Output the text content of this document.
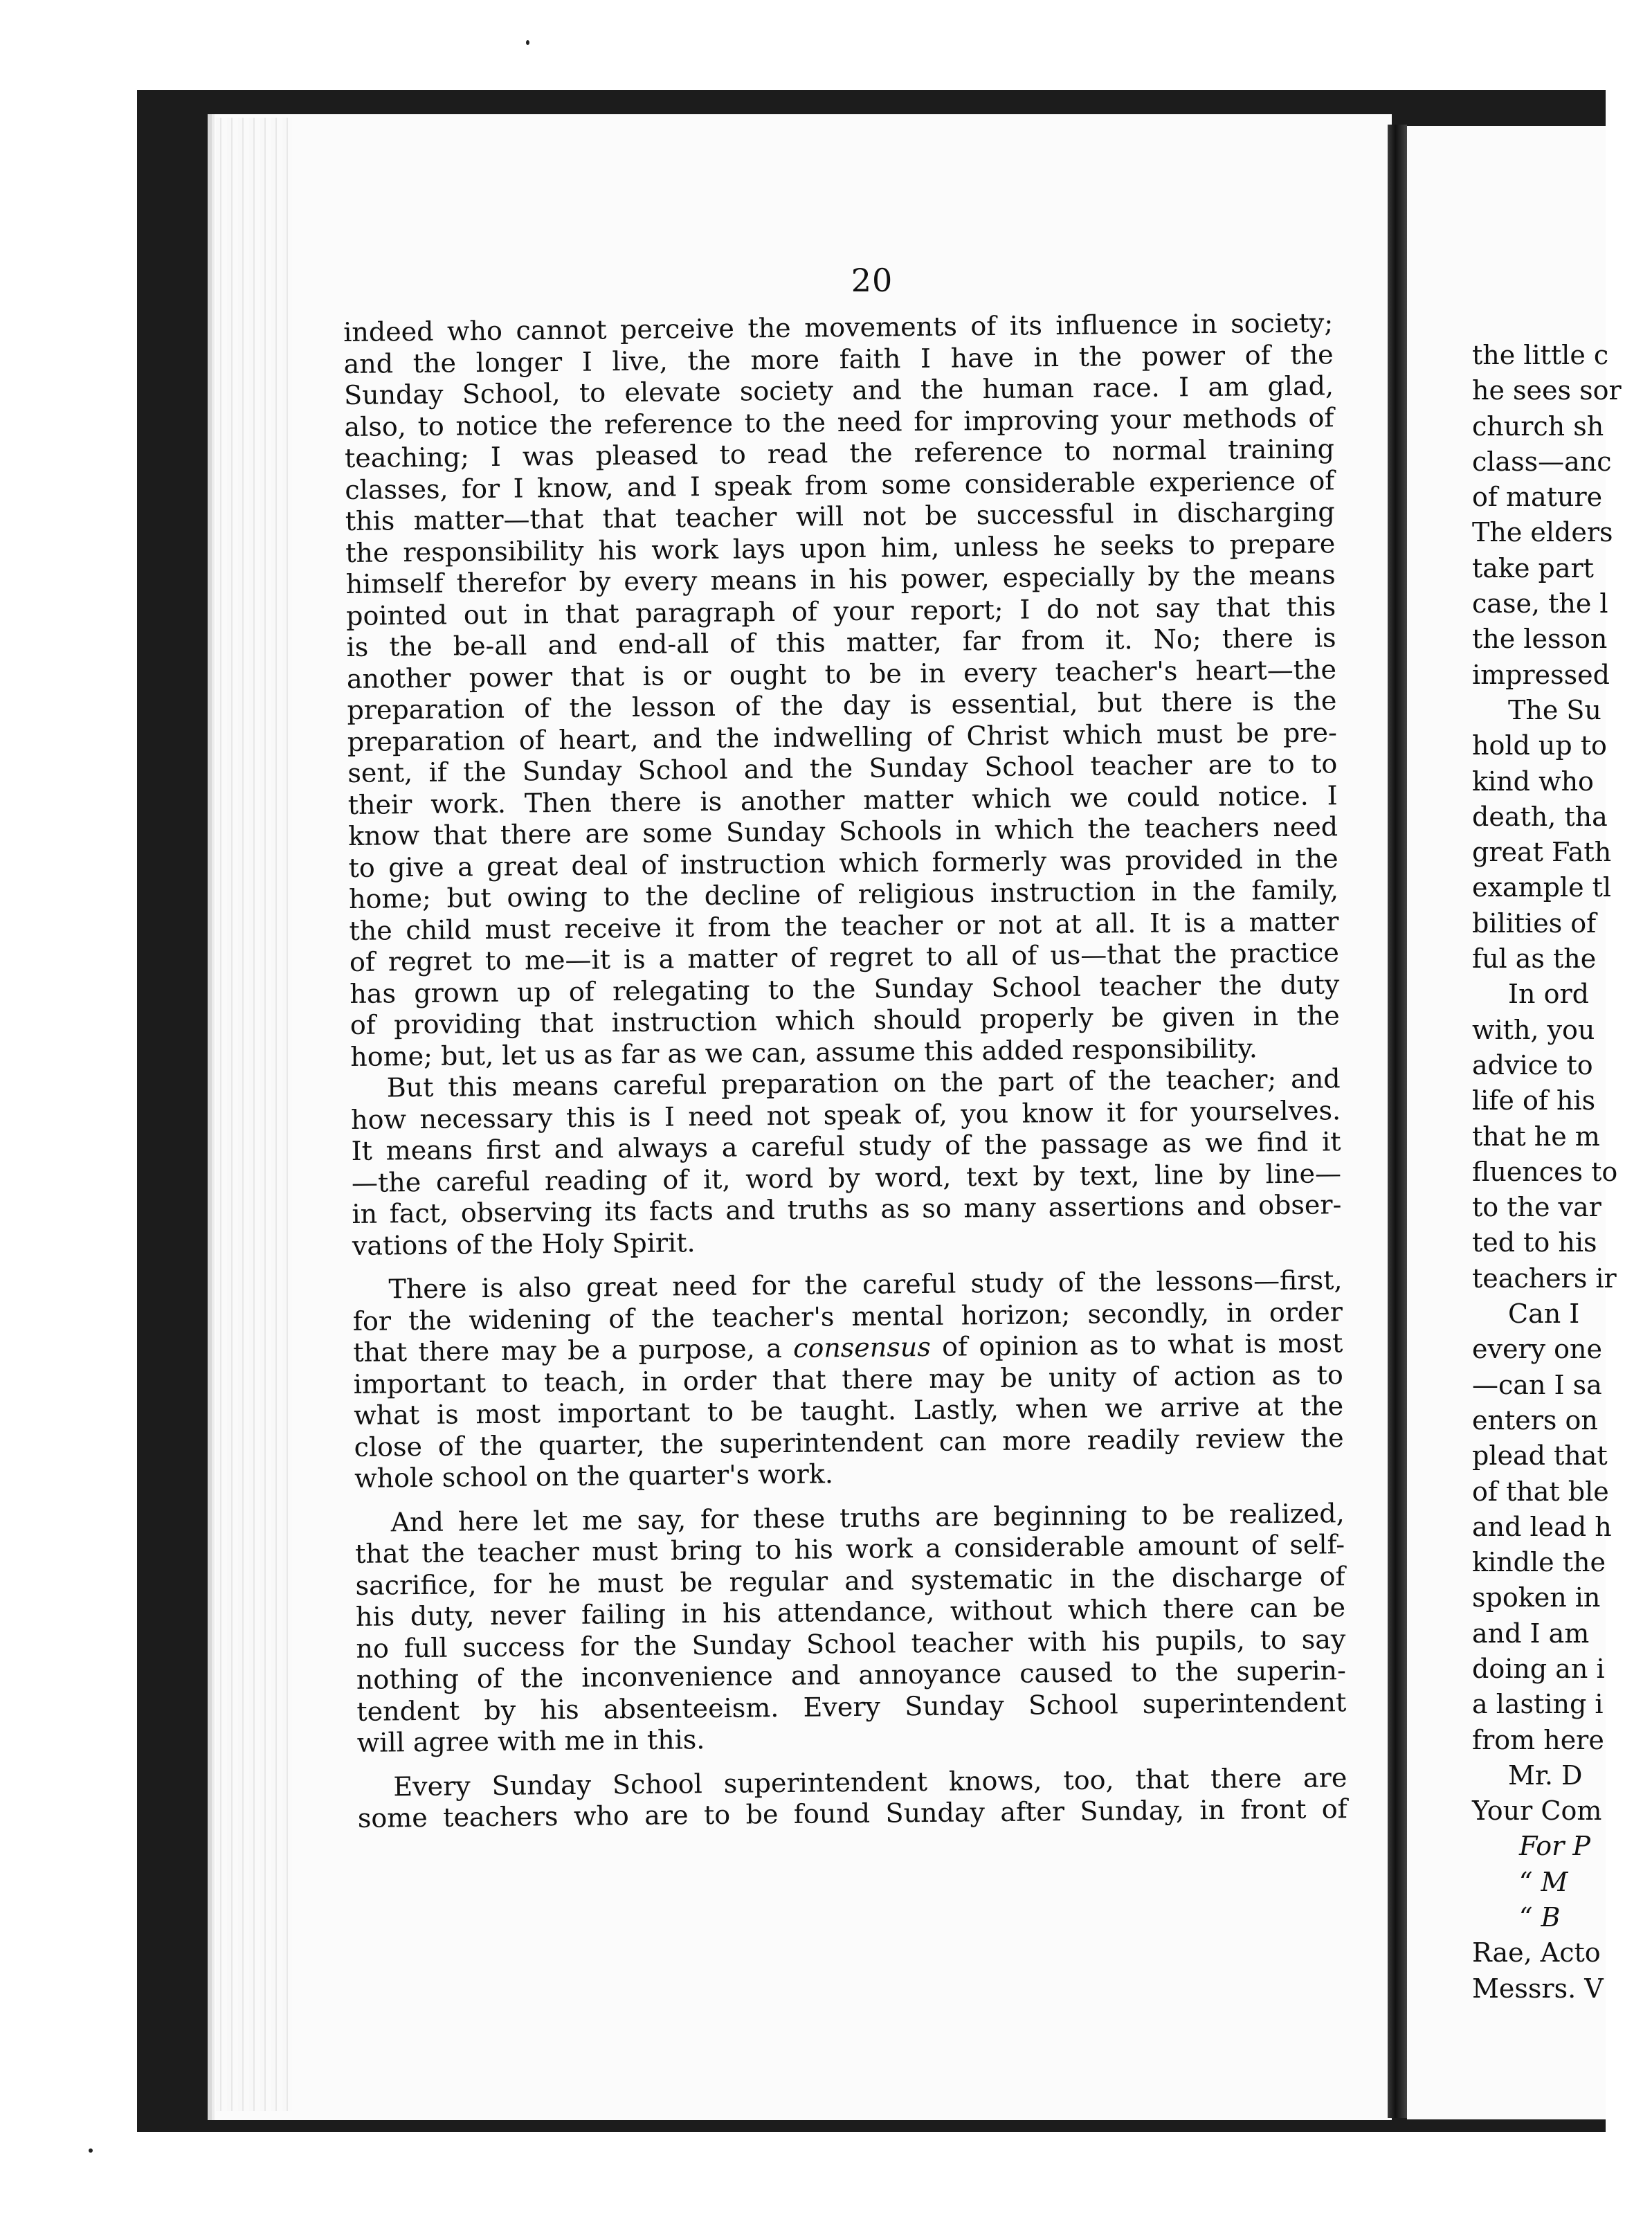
20
indeed who cannot perceive the movements of its influence in society;
and the longer I live, the more faith I have in the power of the
Sunday School, to elevate society and the human race. I am glad,
also, to notice the reference to the need for improving your methods of
teaching; I was pleased to read the reference to normal training
classes, for I know, and I speak from some considerable experience of
this matter—that that teacher will not be successful in discharging
the responsibility his work lays upon him, unless he seeks to prepare
himself therefor by every means in his power, especially by the means
pointed out in that paragraph of your report; I do not say that this
is the be-all and end-all of this matter, far from it. No; there is
another power that is or ought to be in every teacher's heart—the
preparation of the lesson of the day is essential, but there is the
preparation of heart, and the indwelling of Christ which must be pre-
sent, if the Sunday School and the Sunday School teacher are to to
their work. Then there is another matter which we could notice. I
know that there are some Sunday Schools in which the teachers need
to give a great deal of instruction which formerly was provided in the
home; but owing to the decline of religious instruction in the family,
the child must receive it from the teacher or not at all. It is a matter
of regret to me—it is a matter of regret to all of us—that the practice
has grown up of relegating to the Sunday School teacher the duty
of providing that instruction which should properly be given in the
home; but, let us as far as we can, assume this added responsibility.
But this means careful preparation on the part of the teacher; and
how necessary this is I need not speak of, you know it for yourselves.
It means first and always a careful study of the passage as we find it
—the careful reading of it, word by word, text by text, line by line—
in fact, observing its facts and truths as so many assertions and obser-
vations of the Holy Spirit.
There is also great need for the careful study of the lessons—first,
for the widening of the teacher's mental horizon; secondly, in order
that there may be a purpose, a consensus of opinion as to what is most
important to teach, in order that there may be unity of action as to
what is most important to be taught. Lastly, when we arrive at the
close of the quarter, the superintendent can more readily review the
whole school on the quarter's work.
And here let me say, for these truths are beginning to be realized,
that the teacher must bring to his work a considerable amount of self-
sacrifice, for he must be regular and systematic in the discharge of
his duty, never failing in his attendance, without which there can be
no full success for the Sunday School teacher with his pupils, to say
nothing of the inconvenience and annoyance caused to the superin-
tendent by his absenteeism. Every Sunday School superintendent
will agree with me in this.
Every Sunday School superintendent knows, too, that there are
some teachers who are to be found Sunday after Sunday, in front of
the little c
he sees sor
church sh
class—anc
of mature
The elders
take part
case, the l
the lesson
impressed
The Su
hold up to
kind who
death, tha
great Fath
example tl
bilities of
ful as the
In ord
with, you
advice to
life of his
that he m
fluences to
to the var
ted to his
teachers ir
Can I
every one
—can I sa
enters on
plead that
of that ble
and lead h
kindle the
spoken in
and I am
doing an i
a lasting i
from here
Mr. D
Your Com
For P
“ M
“ B
Rae, Acto
Messrs. V
